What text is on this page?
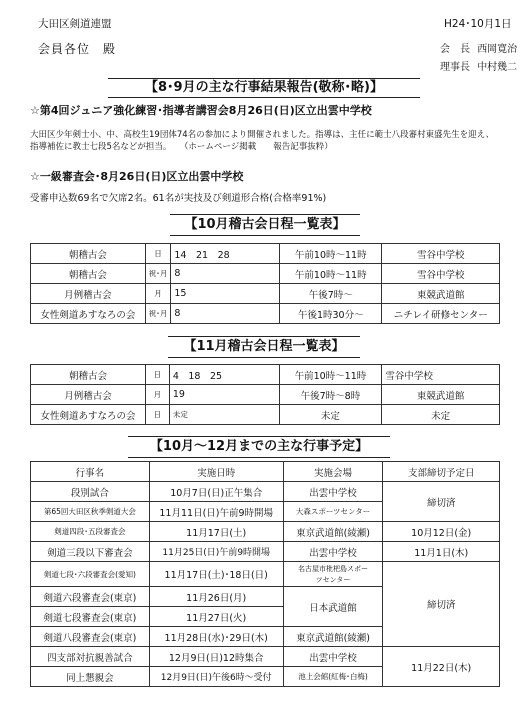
大田区剣道連盟	H24･10月1日
会員各位　殿	会　長 西岡寛治
理事長 中村幾二
【8･9月の主な行事結果報告(敬称･略)】
☆第4回ジュニア強化練習･指導者講習会8月26日(日)区立出雲中学校
大田区少年剣士小、中、高校生19団体74名の参加により開催されました。指導は、主任に範士八段審村東盛先生を迎え、指導補佐に教士七段5名などが担当。　　（ホームページ掲載　　報告記事抜粋）
☆一級審査会･8月26日(日)区立出雲中学校
受審申込数69名で欠席2名。61名が実技及び剣道形合格(合格率91%)
【10月稽古会日程一覧表】
朝稽古会	日	14　21　28	午前10時～11時	雪谷中学校
朝稽古会	祝･月	8	午前10時～11時	雪谷中学校
月例稽古会	月	15	午後7時～	東競武道館
女性剣道あすなろの会	祝･月	8	午後1時30分～	ニチレイ研修センター
【11月稽古会日程一覧表】
朝稽古会	日	4　18　25	午前10時～11時	雪谷中学校
月例稽古会	月	19	午後7時～8時	東競武道館
女性剣道あすなろの会	日	未定	未定	未定
【10月～12月までの主な行事予定】
行事名	実施日時	実施会場	支部締切予定日
段別試合	10月7日(日)正午集合	出雲中学校	締切済
第65回大田区秋季剣道大会	11月11日(日)午前9時開場	大森スポーツセンター	
剣道四段･五段審査会	11月17日(土)	東京武道館(綾瀬)	10月12日(金)
剣道三段以下審査会	11月25日(日)午前9時開場	出雲中学校	11月1日(木)
剣道七段･六段審査会(愛知)	11月17日(土)･18日(日)	名古屋市枇杷島スポーツセンター	締切済
剣道六段審査会(東京)	11月26日(月)	日本武道館	
剣道七段審査会(東京)	11月27日(火)		
剣道八段審査会(東京)	11月28日(水)･29日(木)	東京武道館(綾瀬)	
四支部対抗親善試合	12月9日(日)12時集合	出雲中学校	11月22日(木)
同上懇親会	12月9日(日)午後6時～受付	池上会館(紅梅･白梅)	
